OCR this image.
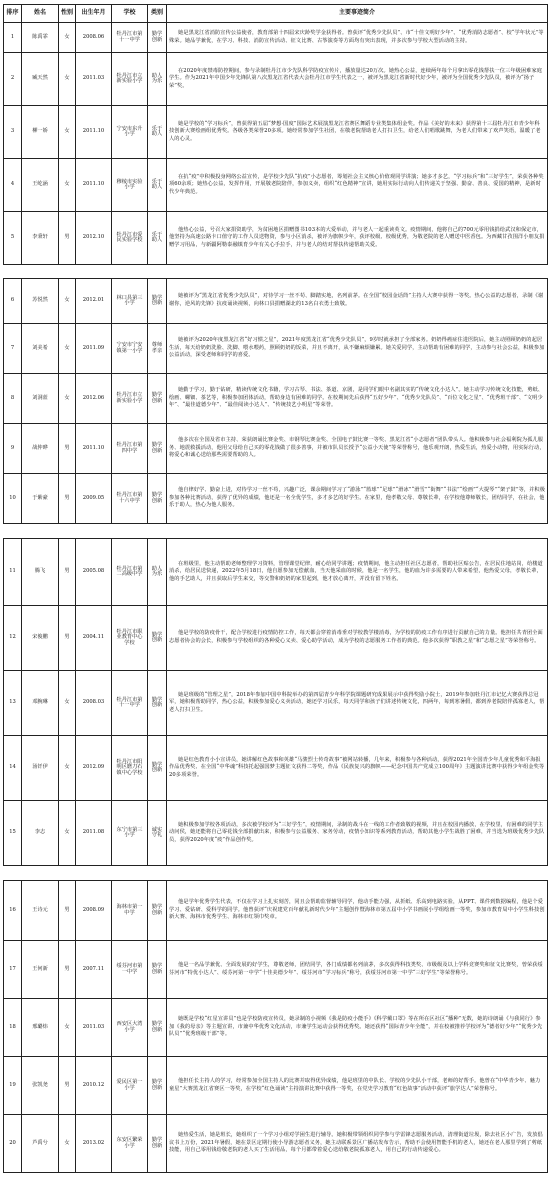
排序	姓名	性别	出生年月	学校	类别	主要事迹简介
1	陈禹霏	女	2008.06	牡丹江市第十一中学	勤学创新	她是黑龙江省消防宣传公益使者，教育部第十四届宋庆龄奖学金获得者。曾获评“优秀少先队员”、市“十佳文明好少年”、“优秀消防志愿者”、校“学年状元”等殊荣。她品学兼优，在学习、科技、消防宣传活动、征文比赛、古筝演奏等方面均有突出表现，并多次参与学校大型活动的主持。
2	臧天然	女	2011.03	牡丹江市立新实验小学	助人为乐	在2020年度禁毒防控期间，参与录制牡丹江市少先队科学防疫宣传片，播放量达20万次。她热心公益，连续两年每个月拿出零花钱帮扶一位三年级困难家庭学生。作为2021年中国少年先锋队第八次黑龙江省代表大会牡丹江市学生代表之一，被评为黑龙江省新时代好少年，被评为全国优秀少先队员，被评为“扬子荣”奖。
3	柳一娇	女	2011.10	宁安市东升小学	乐于助人	她是学校的“学习标兵”，曾获得第五届“梦想·国度”国际艺术展演黑龙江省赛区舞蹈专业类集体组金奖。作品《美好的未来》获得第十三届牡丹江市青少年科技创新大赛绘画组优秀奖。各级各类荣誉20多项。她经常参加学生社团，在敬老院帮助老人打扫卫生，给老人们唱歌跳舞，为老人们带来了欢声笑语，温暖了老人的心灵。
4	王屹涵	女	2011.10	穆棱市实验小学	乐于助人	在抗“疫”中积极投身网络公益宣传，是学校少先队“抗疫”小志愿者，筹划社会主义核心价值观同学讲演；她多才多艺，“学习标兵”和“三好学生”，荣获各种奖项60余项；她热心公益，发挥作用，开展敬老院陪伴，参加义卖，组织“红色精神”宣讲，她用实际行动向人们传递关于坚强、勤奋、善良、爱国的精神，是新时代少年典范。
5	李秉轩	男	2012.10	牡丹江市爱民实验学校	乐于助人	他热心公益，号召大家捐资助学，为贫困地区捐赠图书103本的大爱举动，并与老人一起重读英文。疫情期间，他将自己的700元零用钱捐给武汉和保定市，他坚持为高速公路卡口值守的工作人员送物资，参与小区消杀，被评为旗帜少年，获评校级、校级优秀，为敬老院的老人赠送中医香包。为西藏甘孜围洋小朋友捐赠学习用品，与新疆阿勒泰融镇育少年有关心手拉手，并与老人的结对帮扶传递帮助关爱。
6	苏悦然	女	2012.01	林口县第三小学	勤学创新	她被评为“黑龙江省优秀少先队员”，对待学习一丝不苟、脚踏实地，名列前茅。在全国“校园金话筒”主持人大赛中获得一等奖。热心公益的志愿者，录制《谢谢你，逆风的先锋》抗疫诵读视频，向林口县捐赠湖北的13名白衣勇士致敬。
7	刘美希	女	2011.09	宁安市宁安镇第一小学	尊师孝亲	她被评为2020年度黑龙江省“好习惯之星”，2021年度黑龙江省“优秀少先队员”，9岁时就承担了全部家务。奶奶得癌症住进医院后，她主动照顾奶奶的起居生活，每天给奶奶洗脸、洗脚、喂水喂药，照顾奶奶的饭菜，并且不离开，从不嫌麻烦嫌累。她关爱同学，主动帮助有困难的同学，主动参与社会公益，积极参加公益活动，深受老师和同学的喜爱。
8	刘洞蓝	女	2012.06	牡丹江市立新实验小学	勤学创新	她勤于学习，勤于钻研，精读传统文化书籍，学习古琴、书法、茶道、京剧，是同学们眼中名副其实的“传统文化小达人”。她主动学习传统文化技能，剪纸、绘画、螺钿、茶艺等，积极参加团体活动，帮助身边有困难的同学。在校期间先后获得“五好少年”、“优秀少先队员”、“百位文化之星”、“优秀班干部”、“文明少年”、“最佳道德少年”、“最佳阅读小达人”、“传统技艺小明星”等荣誉。
9	战仲晔	男	2011.10	牡丹江市第四中学	勤学创新	他多次在全国及省市主持、荣获朗诵比赛金奖、市钢琴比赛金奖、全国电子鼓比赛一等奖、黑龙江省“小志愿者”团队带头人。他积极参与社会福利院为孤儿服务、地震救援活动，他用父母给自己买的零花钱做了很多善事，并被市队员长授予“公益小天使”等荣誉称号，他乐观开朗，热爱生活，热爱小动物，用实际行动，将爱心和诚心送给那些需要帮助的人。
10	于紫豪	男	2009.05	牡丹江市第十六中学	勤学创新	他自律好学、勤奋上进，对待学习一丝不苟，兴趣广泛，课余期间学习了“游泳”“篮球”“足球”“滑冰”“滑雪”“街舞”“书法”“绘画”“大提琴”“架子鼓”等，并积极参加各种比赛活动，获得了优异的成绩，他还是一名全优学生，多才多艺的好学生。在家里，他孝敬父母、尊敬长辈，在学校他尊师敬长，团结同学，在社会，他乐于助人，热心为他人服务。
11	腾飞	男	2005.08	牡丹江市第二高级中学	助人为乐	在班级里，他主动帮助老师整理学习资料，管理课堂纪律，耐心给同学讲题；疫情期间，他主动担任社区志愿者，帮助社区贴公告，在居民住地站岗，给楼道消杀，给居民送快递，2022年5月18日，他自愿参加无偿献血，当天他采血的时候，他是一名学生，他的血为许多需要的人带来希望，他热爱父母，孝敬长辈，他的手艺助人，并且获取后学生来交，等交警和奶奶的家里起到，他才放心离开，并没有留下姓名。
12	宋俊鹏	男	2004.11	牡丹江市职业教育中心学校	勤学创新	他是学校的防疫骨干，配合学校进行疫情防控工作，每天都会穿着消毒垂对学校教学楼消毒，为学校的防疫工作有序进行贡献自己的力量。他担任共青团全面志愿者协会的会长，积极参与学校组织的各种爱心义卖、爱心助学活动，成为学校的志愿服务工作者的典范。他多次获得“职教之星”和“志愿之星”等荣誉称号。
13	邓腕琳	女	2008.03	牡丹江市第十一中学	勤学创新	她是班级的“管理之星”，2018年参加中国中科院举办的第四届青少年科学院课题研究成果展示中获得奖励小院士，2019年参加牡丹江市记忆大赛获得总冠军，她积极帮助同学，热心公益，积极参加爱心义卖活动，她还学习民乐，每天同学和孩子们讲述传统文化，四两年，每到寒暑假，都到养老院陪伴孤寡老人，帮老人打扫卫生。
14	汤钎伊	女	2012.09	牡丹江市阳明区磨刀石镇中心学校	勤学创新	她是红色教育小小宣讲员，她讲解红色故事和英雄“马骏烈士传奇故事”被网站转播，几年来，积极参与各种活动，获得2021年全国青少年儿童优秀和平海报作品优秀奖、在全国“中华魂”科技托起强国梦主题征文获得二等奖，作品《民族复兴的旗帜——纪念中国共产党成立100周年》主题演讲比赛中获得少年组金奖等20多项荣誉。
15	李志	女	2011.08	东宁市第三小学	诚实守礼	她积极参加学校各项活动，多次被学校评为“三好学生”，疫情期间，录制的战斗在一线的工作者致敬的视频，并且在校园内播放，在学校里，有困难的同学主动问侯，她还能将自己零花钱全部捐献出来，积极参与公益服务、家务劳动，疫情小知识等系列教育活动，帮助其他小学生战胜了困难，并当选为班级优秀少先队员，获得2020年度“疫”作品创作奖。
16	王诗元	男	2008.09	海林市第一中学	勤学创新	他是学年优秀学生代表，不仅在学习上扎实刻苦，同且会帮助监督辅导同学，他动手能力强，从折纸、乐高到电路实验，从PPT、课件到数据编程，他是个爱学习、爱钻研、爱科学的同学。他曾获评“庆祝建党百年献礼新时代少年”主题创作暨海林市第五届中小学书画展小学组绘画一等奖，参加市教育局中小学生科技创新大赛、海林市优秀学生、海林市红领巾奖章。
17	王何新	男	2007.11	绥芬河市第一中学	勤学创新	他是一名品学兼优、全面发展的好学生，尊敬老师，团结同学，各门成绩都名列前茅，多次获得科技类奖、市级级及以上学科竞赛奖和征文比赛奖，曾荣获绥芬河市“特优小达人”、绥芬河第一中学“十佳美德少年”、绥芬河市“学习标兵”称号，获绥芬河市第一中学“三好学生”等荣誉称号。
18	邢璐炜	女	2011.03	西安区大湾小学	勤学创新	她既是学校“红星宣讲员”也是学校防疫宣传员，她录制的小视频《我是防疫小能手》《科学戴口罩》等在所在区社区“播种”无数，她的诗朗诵《与我同行》参加《我的母亲》等主题宣讲，市兼中华优秀文化活动，市兼学生运动会获得优秀奖。她还获得“国际青少年全能”，并在校被推荐学校评为“德者好少年”“优秀少先队员”“优秀班级干部”等。
19	张凯尧	男	2010.12	爱民区第一小学	勤学创新	他担任长主持人的学习，经常参加全国主持人的比赛并取得优异成绩，他是班里的中队长、学校的少先队小干部，老师的好帮手。他曾在“中华青少年、魅力童星”大赛黑龙江省赛区一等奖，在学校“红色诵读”主持演讲比赛中获得一等奖，在党史学习教育“红色故事”活动中获评“旅学达人”荣誉称号。
20	芦禹兮	女	2013.02	东安区繁荣小学	勤学创新	她热爱生活，她是班长，她组织了一个学习小组对学困生进行辅导。她积极带领组织同学参与学雷锋志愿服务活动，清理街道垃圾，除去社区小广告，发放倡议书上万份，2021年暑假，她在景区定期行使小导游志愿者义务，她主动联系景区广播站发布告示，帮助不会使用智能手机的老人，她还在老人那里学到了剪纸技能，用自己零用钱给敬老院的老人买了生活用品，每个月都带着爱心送给敬老院孤寡老人，用自己的行动传递爱心。
